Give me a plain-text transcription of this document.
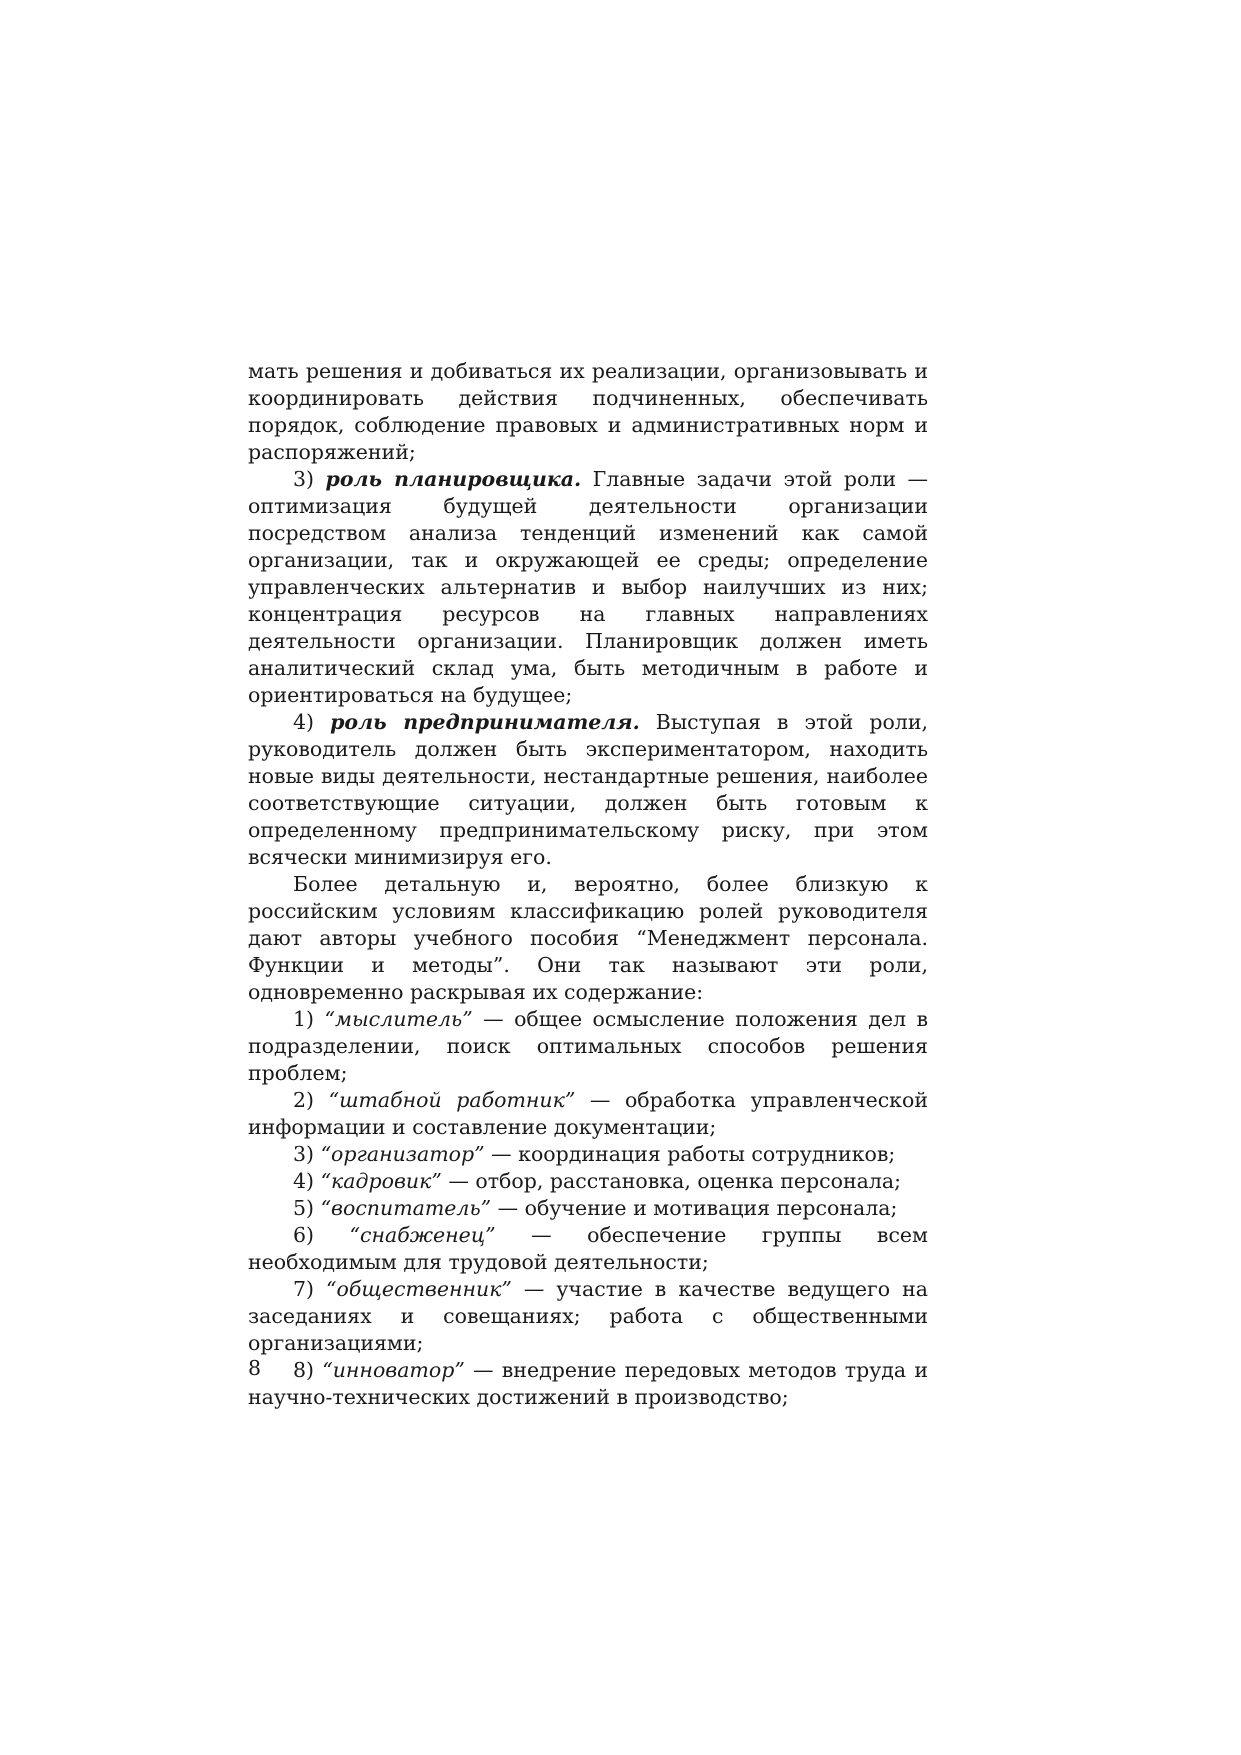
мать решения и добиваться их реализации, организовывать и координировать действия подчиненных, обеспечивать порядок, соблюдение правовых и административных норм и распоряжений;

3) роль планировщика. Главные задачи этой роли — оптимизация будущей деятельности организации посредством анализа тенденций изменений как самой организации, так и окружающей ее среды; определение управленческих альтернатив и выбор наилучших из них; концентрация ресурсов на главных направлениях деятельности организации. Планировщик должен иметь аналитический склад ума, быть методичным в работе и ориентироваться на будущее;

4) роль предпринимателя. Выступая в этой роли, руководитель должен быть экспериментатором, находить новые виды деятельности, нестандартные решения, наиболее соответствующие ситуации, должен быть готовым к определенному предпринимательскому риску, при этом всячески минимизируя его.

Более детальную и, вероятно, более близкую к российским условиям классификацию ролей руководителя дают авторы учебного пособия “Менеджмент персонала. Функции и методы”. Они так называют эти роли, одновременно раскрывая их содержание:

1) “мыслитель” — общее осмысление положения дел в подразделении, поиск оптимальных способов решения проблем;

2) “штабной работник” — обработка управленческой информации и составление документации;

3) “организатор” — координация работы сотрудников;

4) “кадровик” — отбор, расстановка, оценка персонала;

5) “воспитатель” — обучение и мотивация персонала;

6) “снабженец” — обеспечение группы всем необходимым для трудовой деятельности;

7) “общественник” — участие в качестве ведущего на заседаниях и совещаниях; работа с общественными организациями;

8) “инноватор” — внедрение передовых методов труда и научно-технических достижений в производство;

8
